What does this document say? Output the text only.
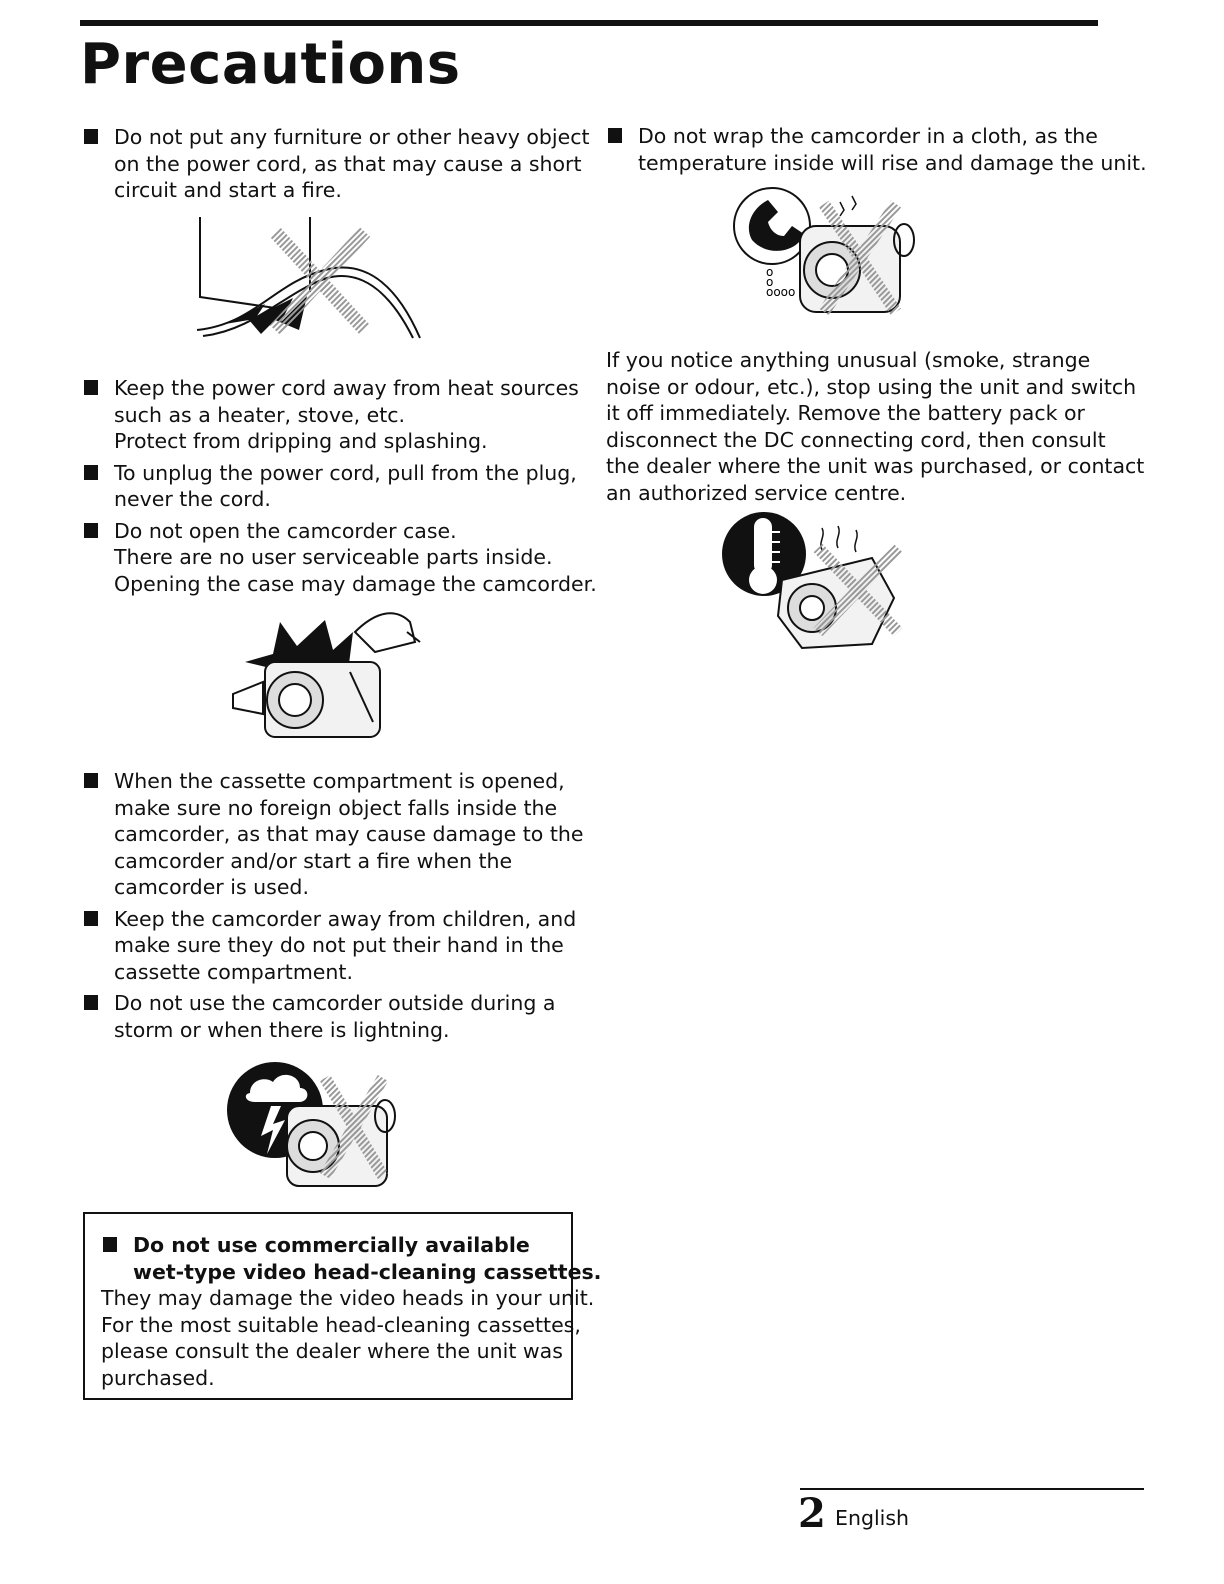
Precautions
Do not put any furniture or other heavy object
on the power cord, as that may cause a short
circuit and start a fire.
Keep the power cord away from heat sources
such as a heater, stove, etc.
Protect from dripping and splashing.
To unplug the power cord, pull from the plug,
never the cord.
Do not open the camcorder case.
There are no user serviceable parts inside.
Opening the case may damage the camcorder.
When the cassette compartment is opened,
make sure no foreign object falls inside the
camcorder, as that may cause damage to the
camcorder and/or start a fire when the
camcorder is used.
Keep the camcorder away from children, and
make sure they do not put their hand in the
cassette compartment.
Do not use the camcorder outside during a
storm or when there is lightning.
Do not use commercially available
wet-type video head-cleaning cassettes.
They may damage the video heads in your unit.
For the most suitable head-cleaning cassettes,
please consult the dealer where the unit was
purchased.
Do not wrap the camcorder in a cloth, as the
temperature inside will rise and damage the unit.
o
o
oooo
If you notice anything unusual (smoke, strange
noise or odour, etc.), stop using the unit and switch
it off immediately. Remove the battery pack or
disconnect the DC connecting cord, then consult
the dealer where the unit was purchased, or contact
an authorized service centre.
2 English
